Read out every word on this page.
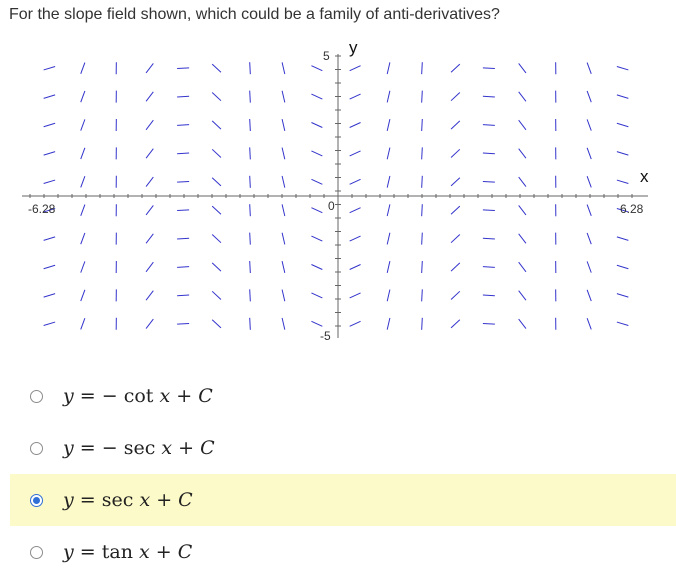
For the slope field shown, which could be a family of anti-derivatives?
y
x
5
0
-5
-6.28	6.28
y = − cot x + C
y = − sec x + C
y = sec x + C
y = tan x + C
